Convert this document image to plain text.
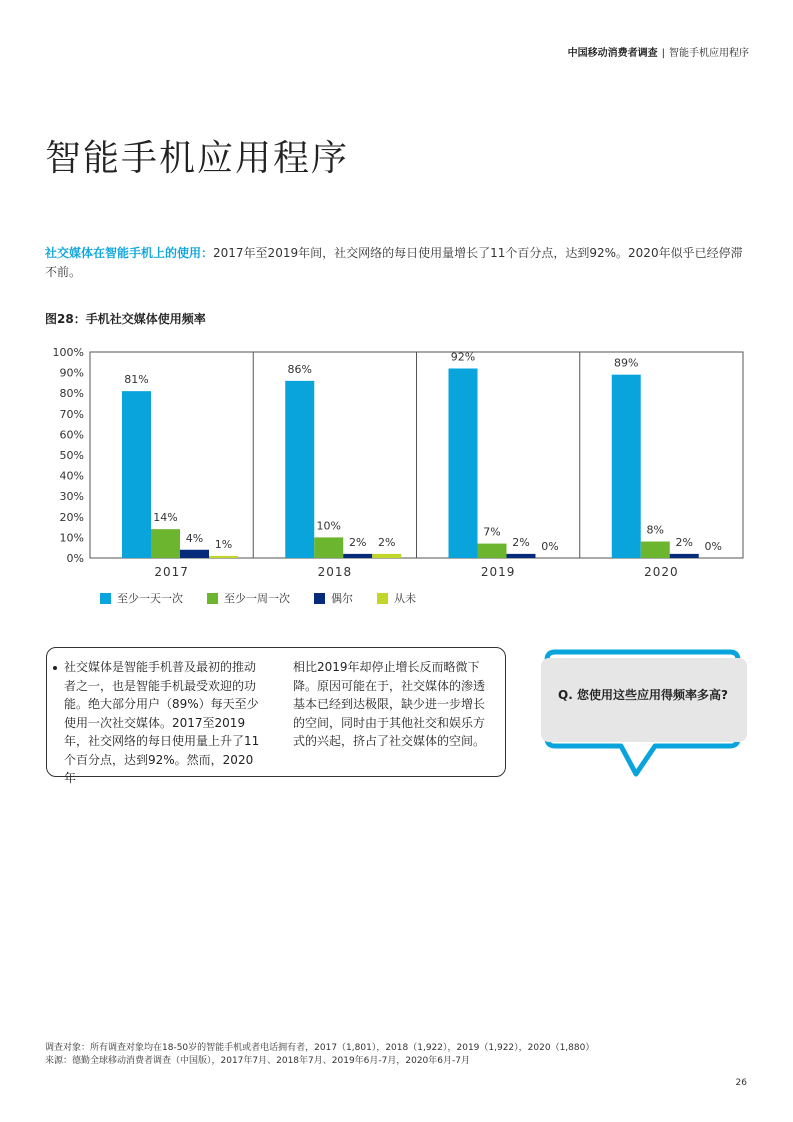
中国移动消费者调查 | 智能手机应用程序
智能手机应用程序
社交媒体在智能手机上的使用：2017年至2019年间，社交网络的每日使用量增长了11个百分点，达到92%。2020年似乎已经停滞不前。
图28：手机社交媒体使用频率
0%
10%
20%
30%
40%
50%
60%
70%
80%
90%
100%
81%
14%
4% 1%
2017
86%
10%
2% 2%
2018
92%
7%
2% 0%
2019
89%
8%
2% 0%
2020
至少一天一次	至少一周一次	偶尔	从未
社交媒体是智能手机普及最初的推动者之一，也是智能手机最受欢迎的功能。绝大部分用户（89%）每天至少使用一次社交媒体。2017至2019年，社交网络的每日使用量上升了11个百分点，达到92%。然而，2020年
相比2019年却停止增长反而略微下降。原因可能在于，社交媒体的渗透基本已经到达极限，缺少进一步增长的空间，同时由于其他社交和娱乐方式的兴起，挤占了社交媒体的空间。
Q. 您使用这些应用得频率多高?
调查对象：所有调查对象均在18-50岁的智能手机或者电话拥有者，2017（1,801），2018（1,922），2019（1,922），2020（1,880）
来源：德勤全球移动消费者调查（中国版），2017年7月、2018年7月、2019年6月-7月，2020年6月-7月
26
